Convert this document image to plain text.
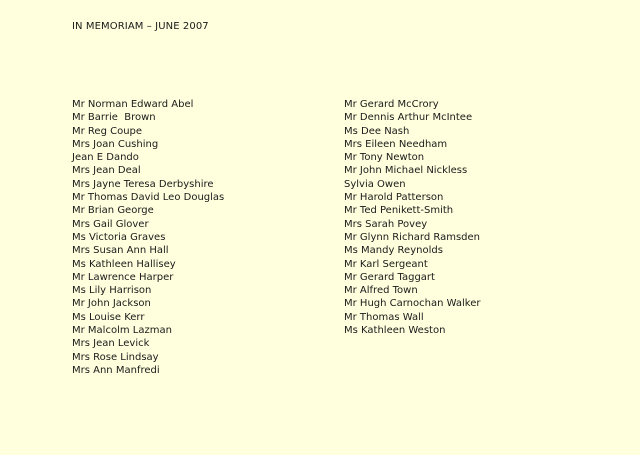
IN MEMORIAM – JUNE 2007
Mr Norman Edward Abel
Mr Barrie  Brown
Mr Reg Coupe
Mrs Joan Cushing
Jean E Dando
Mrs Jean Deal
Mrs Jayne Teresa Derbyshire
Mr Thomas David Leo Douglas
Mr Brian George
Mrs Gail Glover
Ms Victoria Graves
Mrs Susan Ann Hall
Ms Kathleen Hallisey
Mr Lawrence Harper
Ms Lily Harrison
Mr John Jackson
Ms Louise Kerr
Mr Malcolm Lazman
Mrs Jean Levick
Mrs Rose Lindsay
Mrs Ann Manfredi
Mr Gerard McCrory
Mr Dennis Arthur McIntee
Ms Dee Nash
Mrs Eileen Needham
Mr Tony Newton
Mr John Michael Nickless
Sylvia Owen
Mr Harold Patterson
Mr Ted Penikett-Smith
Mrs Sarah Povey
Mr Glynn Richard Ramsden
Ms Mandy Reynolds
Mr Karl Sergeant
Mr Gerard Taggart
Mr Alfred Town
Mr Hugh Carnochan Walker
Mr Thomas Wall
Ms Kathleen Weston
